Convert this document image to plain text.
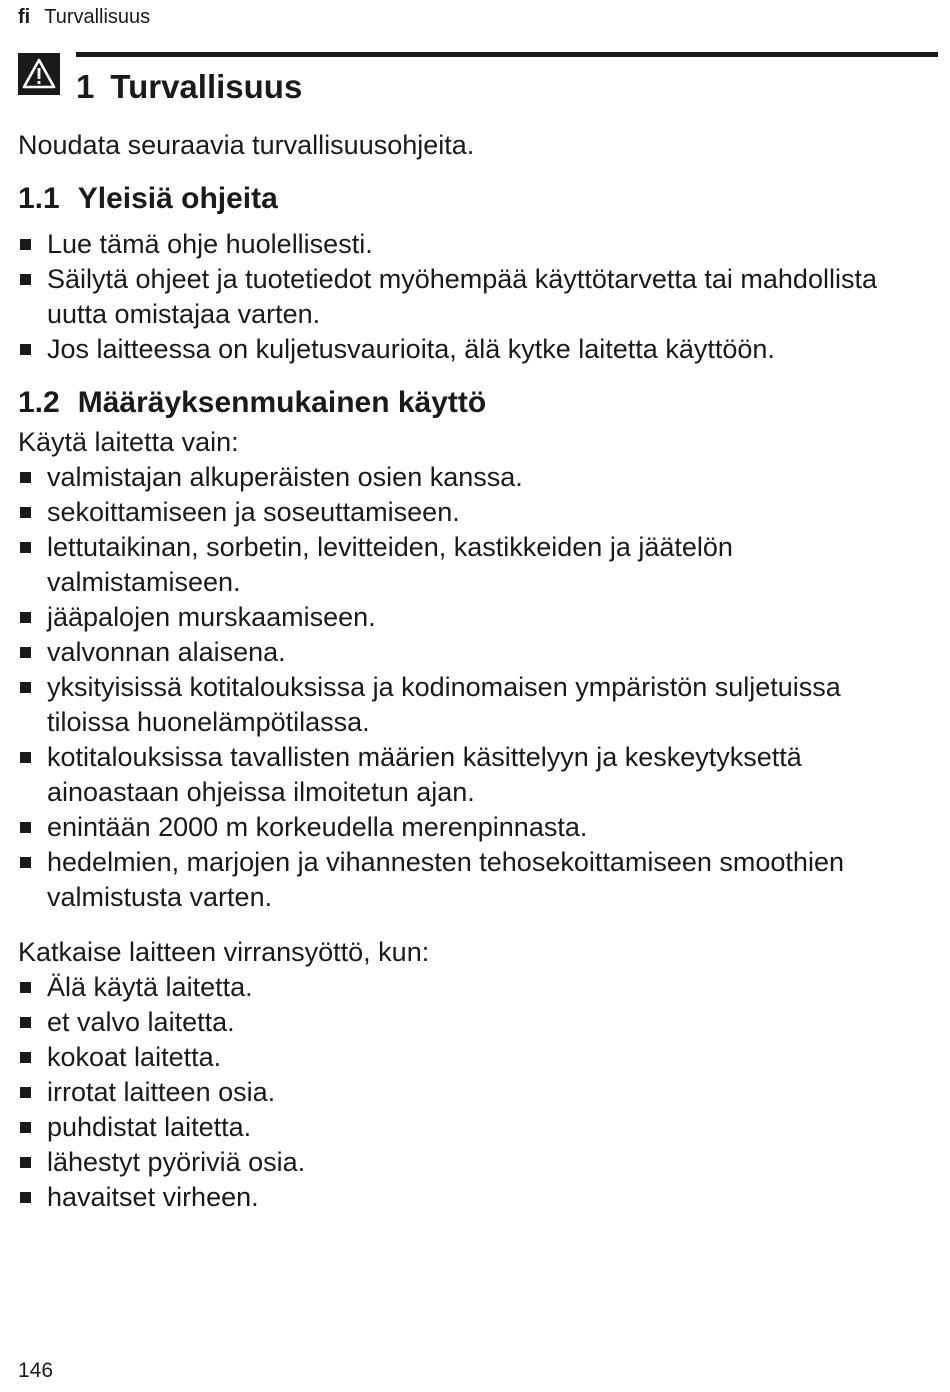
fi Turvallisuus
1 Turvallisuus

Noudata seuraavia turvallisuusohjeita.

1.1 Yleisiä ohjeita
Lue tämä ohje huolellisesti.
Säilytä ohjeet ja tuotetiedot myöhempää käyttötarvetta tai mahdollista uutta omistajaa varten.
Jos laitteessa on kuljetusvaurioita, älä kytke laitetta käyttöön.
1.2 Määräyksenmukainen käyttö

Käytä laitetta vain:

valmistajan alkuperäisten osien kanssa.
sekoittamiseen ja soseuttamiseen.
lettutaikinan, sorbetin, levitteiden, kastikkeiden ja jäätelön valmistamiseen.
jääpalojen murskaamiseen.
valvonnan alaisena.
yksityisissä kotitalouksissa ja kodinomaisen ympäristön suljetuissa tiloissa huonelämpötilassa.
kotitalouksissa tavallisten määrien käsittelyyn ja keskeytyksettä ainoastaan ohjeissa ilmoitetun ajan.
enintään 2000 m korkeudella merenpinnasta.
hedelmien, marjojen ja vihannesten tehosekoittamiseen smoothien valmistusta varten.

Katkaise laitteen virransyöttö, kun:

Älä käytä laitetta.
et valvo laitetta.
kokoat laitetta.
irrotat laitteen osia.
puhdistat laitetta.
lähestyt pyöriviä osia.
havaitset virheen.
146
